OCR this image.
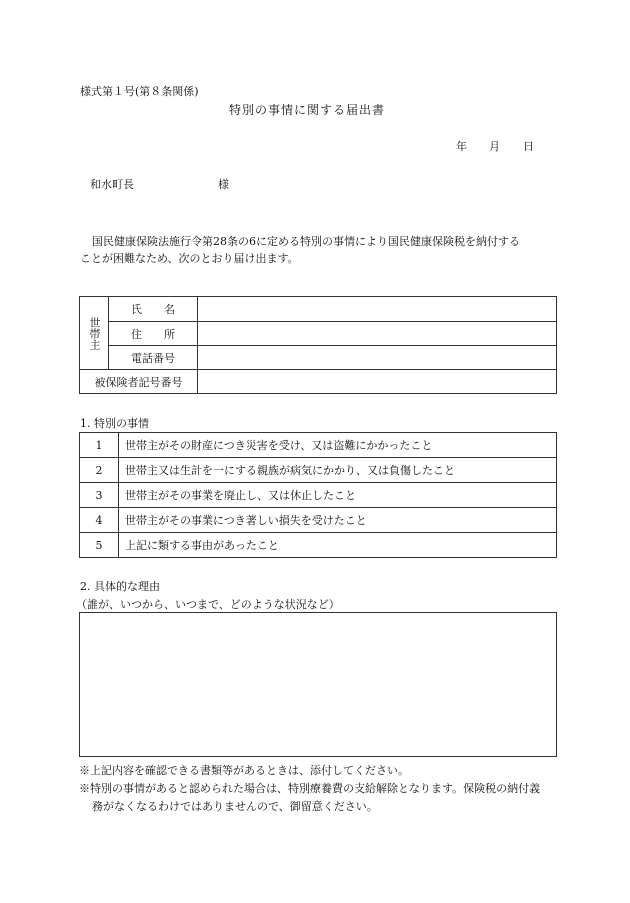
様式第１号(第８条関係)
特別の事情に関する届出書
年 月 日
和水町長	様
国民健康保険法施行令第28条の6に定める特別の事情により国民健康保険税を納付する
ことが困難なため、次のとおり届け出ます。
世帯主	氏　　名	
	住　　所	
	電話番号	
被保険者記号番号		
1. 特別の事情
1	世帯主がその財産につき災害を受け、又は盗難にかかったこと
2	世帯主又は生計を一にする親族が病気にかかり、又は負傷したこと
3	世帯主がその事業を廃止し、又は休止したこと
4	世帯主がその事業につき著しい損失を受けたこと
5	上記に類する事由があったこと
2. 具体的な理由
（誰が、いつから、いつまで、どのような状況など）
※上記内容を確認できる書類等があるときは、添付してください。
※特別の事情があると認められた場合は、特別療養費の支給解除となります。保険税の納付義
務がなくなるわけではありませんので、御留意ください。
